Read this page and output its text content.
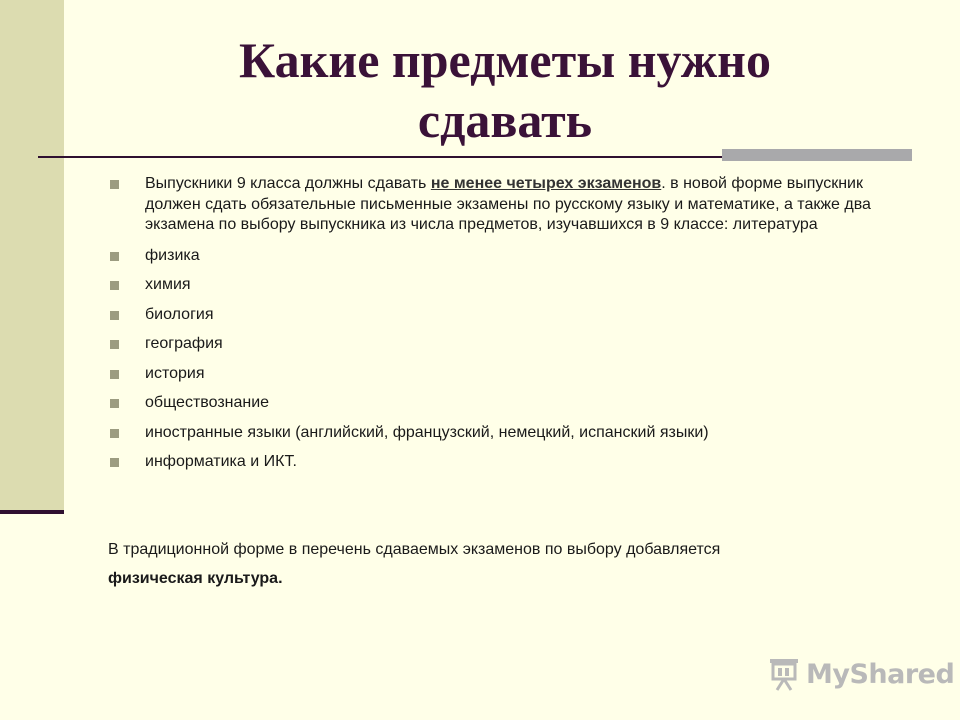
Какие предметы нужно сдавать
Выпускники 9 класса должны сдавать не менее четырех экзаменов. в новой форме выпускник должен сдать обязательные письменные экзамены по русскому языку и математике, а также два экзамена по выбору выпускника из числа предметов, изучавшихся в 9 классе: литература
физика
химия
биология
география
история
обществознание
иностранные языки (английский, французский, немецкий, испанский языки)
информатика и ИКТ.
В традиционной форме в перечень сдаваемых экзаменов по выбору добавляется
физическая культура.
MyShared
